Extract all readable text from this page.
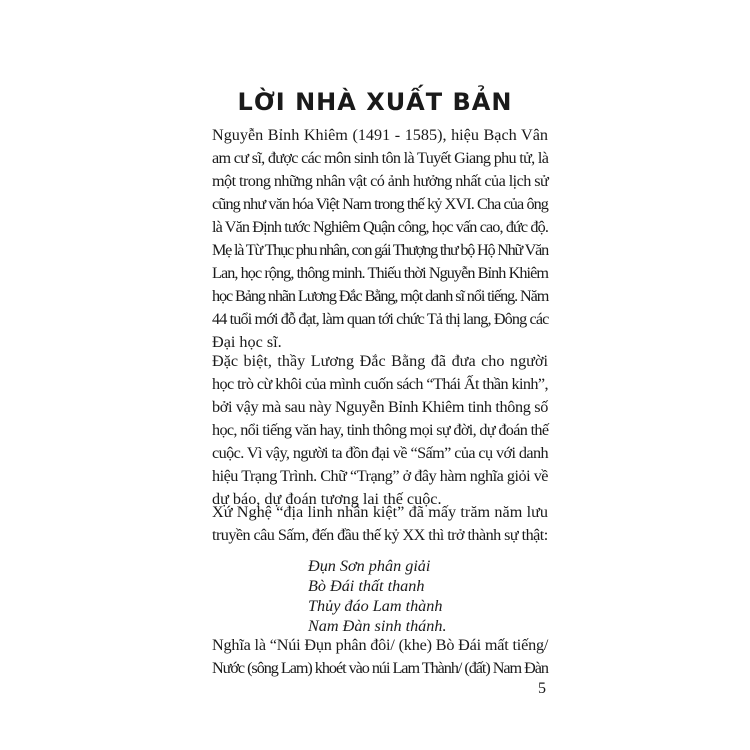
LỜI NHÀ XUẤT BẢN
Nguyễn Bỉnh Khiêm (1491 - 1585), hiệu Bạch Vân
am cư sĩ, được các môn sinh tôn là Tuyết Giang phu tử, là
một trong những nhân vật có ảnh hưởng nhất của lịch sử
cũng như văn hóa Việt Nam trong thế kỷ XVI. Cha của ông
là Văn Định tước Nghiêm Quận công, học vấn cao, đức độ.
Mẹ là Từ Thục phu nhân, con gái Thượng thư bộ Hộ Nhữ Văn
Lan, học rộng, thông minh. Thiếu thời Nguyễn Bỉnh Khiêm
học Bảng nhãn Lương Đắc Bằng, một danh sĩ nổi tiếng. Năm
44 tuổi mới đỗ đạt, làm quan tới chức Tả thị lang, Đông các
Đại học sĩ.
Đặc biệt, thầy Lương Đắc Bằng đã đưa cho người
học trò cừ khôi của mình cuốn sách “Thái Ất thần kinh”,
bởi vậy mà sau này Nguyễn Bỉnh Khiêm tinh thông số
học, nổi tiếng văn hay, tinh thông mọi sự đời, dự đoán thế
cuộc. Vì vậy, người ta đồn đại về “Sấm” của cụ với danh
hiệu Trạng Trình. Chữ “Trạng” ở đây hàm nghĩa giỏi về
dự báo, dự đoán tương lai thế cuộc.
Xứ Nghệ “địa linh nhân kiệt” đã mấy trăm năm lưu
truyền câu Sấm, đến đầu thế kỷ XX thì trở thành sự thật:
Đụn Sơn phân giải
Bò Đái thất thanh
Thủy đáo Lam thành
Nam Đàn sinh thánh.
Nghĩa là “Núi Đụn phân đôi/ (khe) Bò Đái mất tiếng/
Nước (sông Lam) khoét vào núi Lam Thành/ (đất) Nam Đàn
5
